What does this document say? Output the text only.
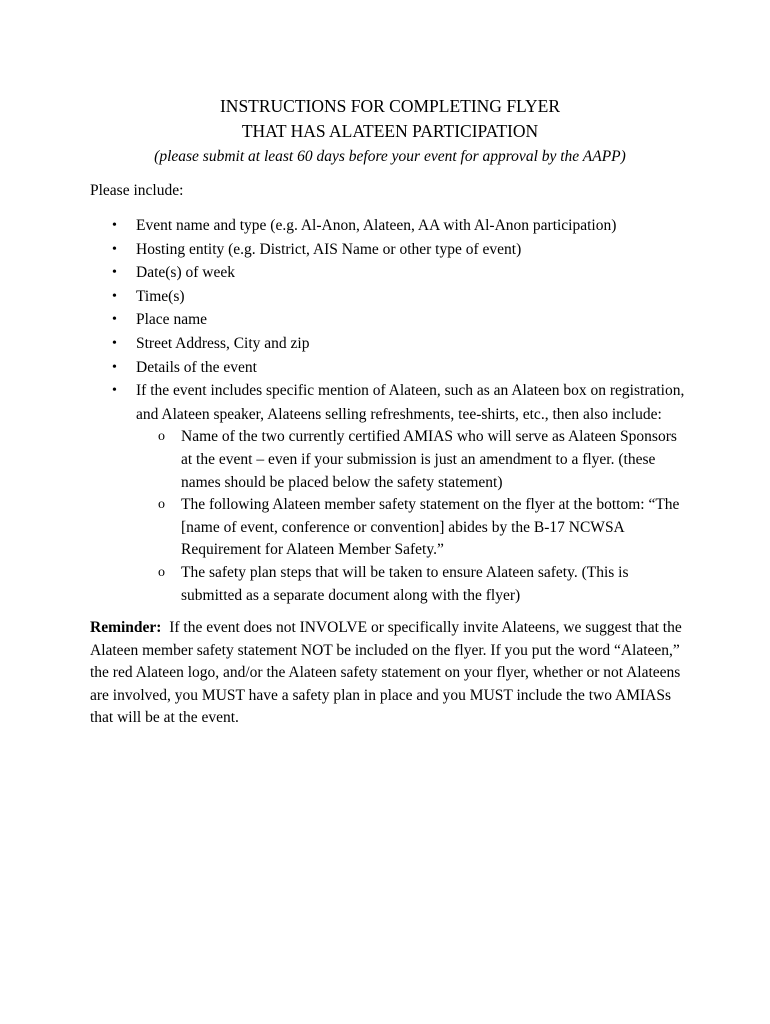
INSTRUCTIONS FOR COMPLETING FLYER

THAT HAS ALATEEN PARTICIPATION

(please submit at least 60 days before your event for approval by the AAPP)

Please include:

• Event name and type (e.g. Al-Anon, Alateen, AA with Al-Anon participation)
• Hosting entity (e.g. District, AIS Name or other type of event)
• Date(s) of week
• Time(s)
• Place name
• Street Address, City and zip
• Details of the event
• If the event includes specific mention of Alateen, such as an Alateen box on registration, and Alateen speaker, Alateens selling refreshments, tee-shirts, etc., then also include:
o Name of the two currently certified AMIAS who will serve as Alateen Sponsors at the event – even if your submission is just an amendment to a flyer. (these names should be placed below the safety statement)
o The following Alateen member safety statement on the flyer at the bottom: “The [name of event, conference or convention] abides by the B-17 NCWSA Requirement for Alateen Member Safety.”
o The safety plan steps that will be taken to ensure Alateen safety. (This is submitted as a separate document along with the flyer)

Reminder: If the event does not INVOLVE or specifically invite Alateens, we suggest that the Alateen member safety statement NOT be included on the flyer. If you put the word “Alateen,” the red Alateen logo, and/or the Alateen safety statement on your flyer, whether or not Alateens are involved, you MUST have a safety plan in place and you MUST include the two AMIASs that will be at the event.
